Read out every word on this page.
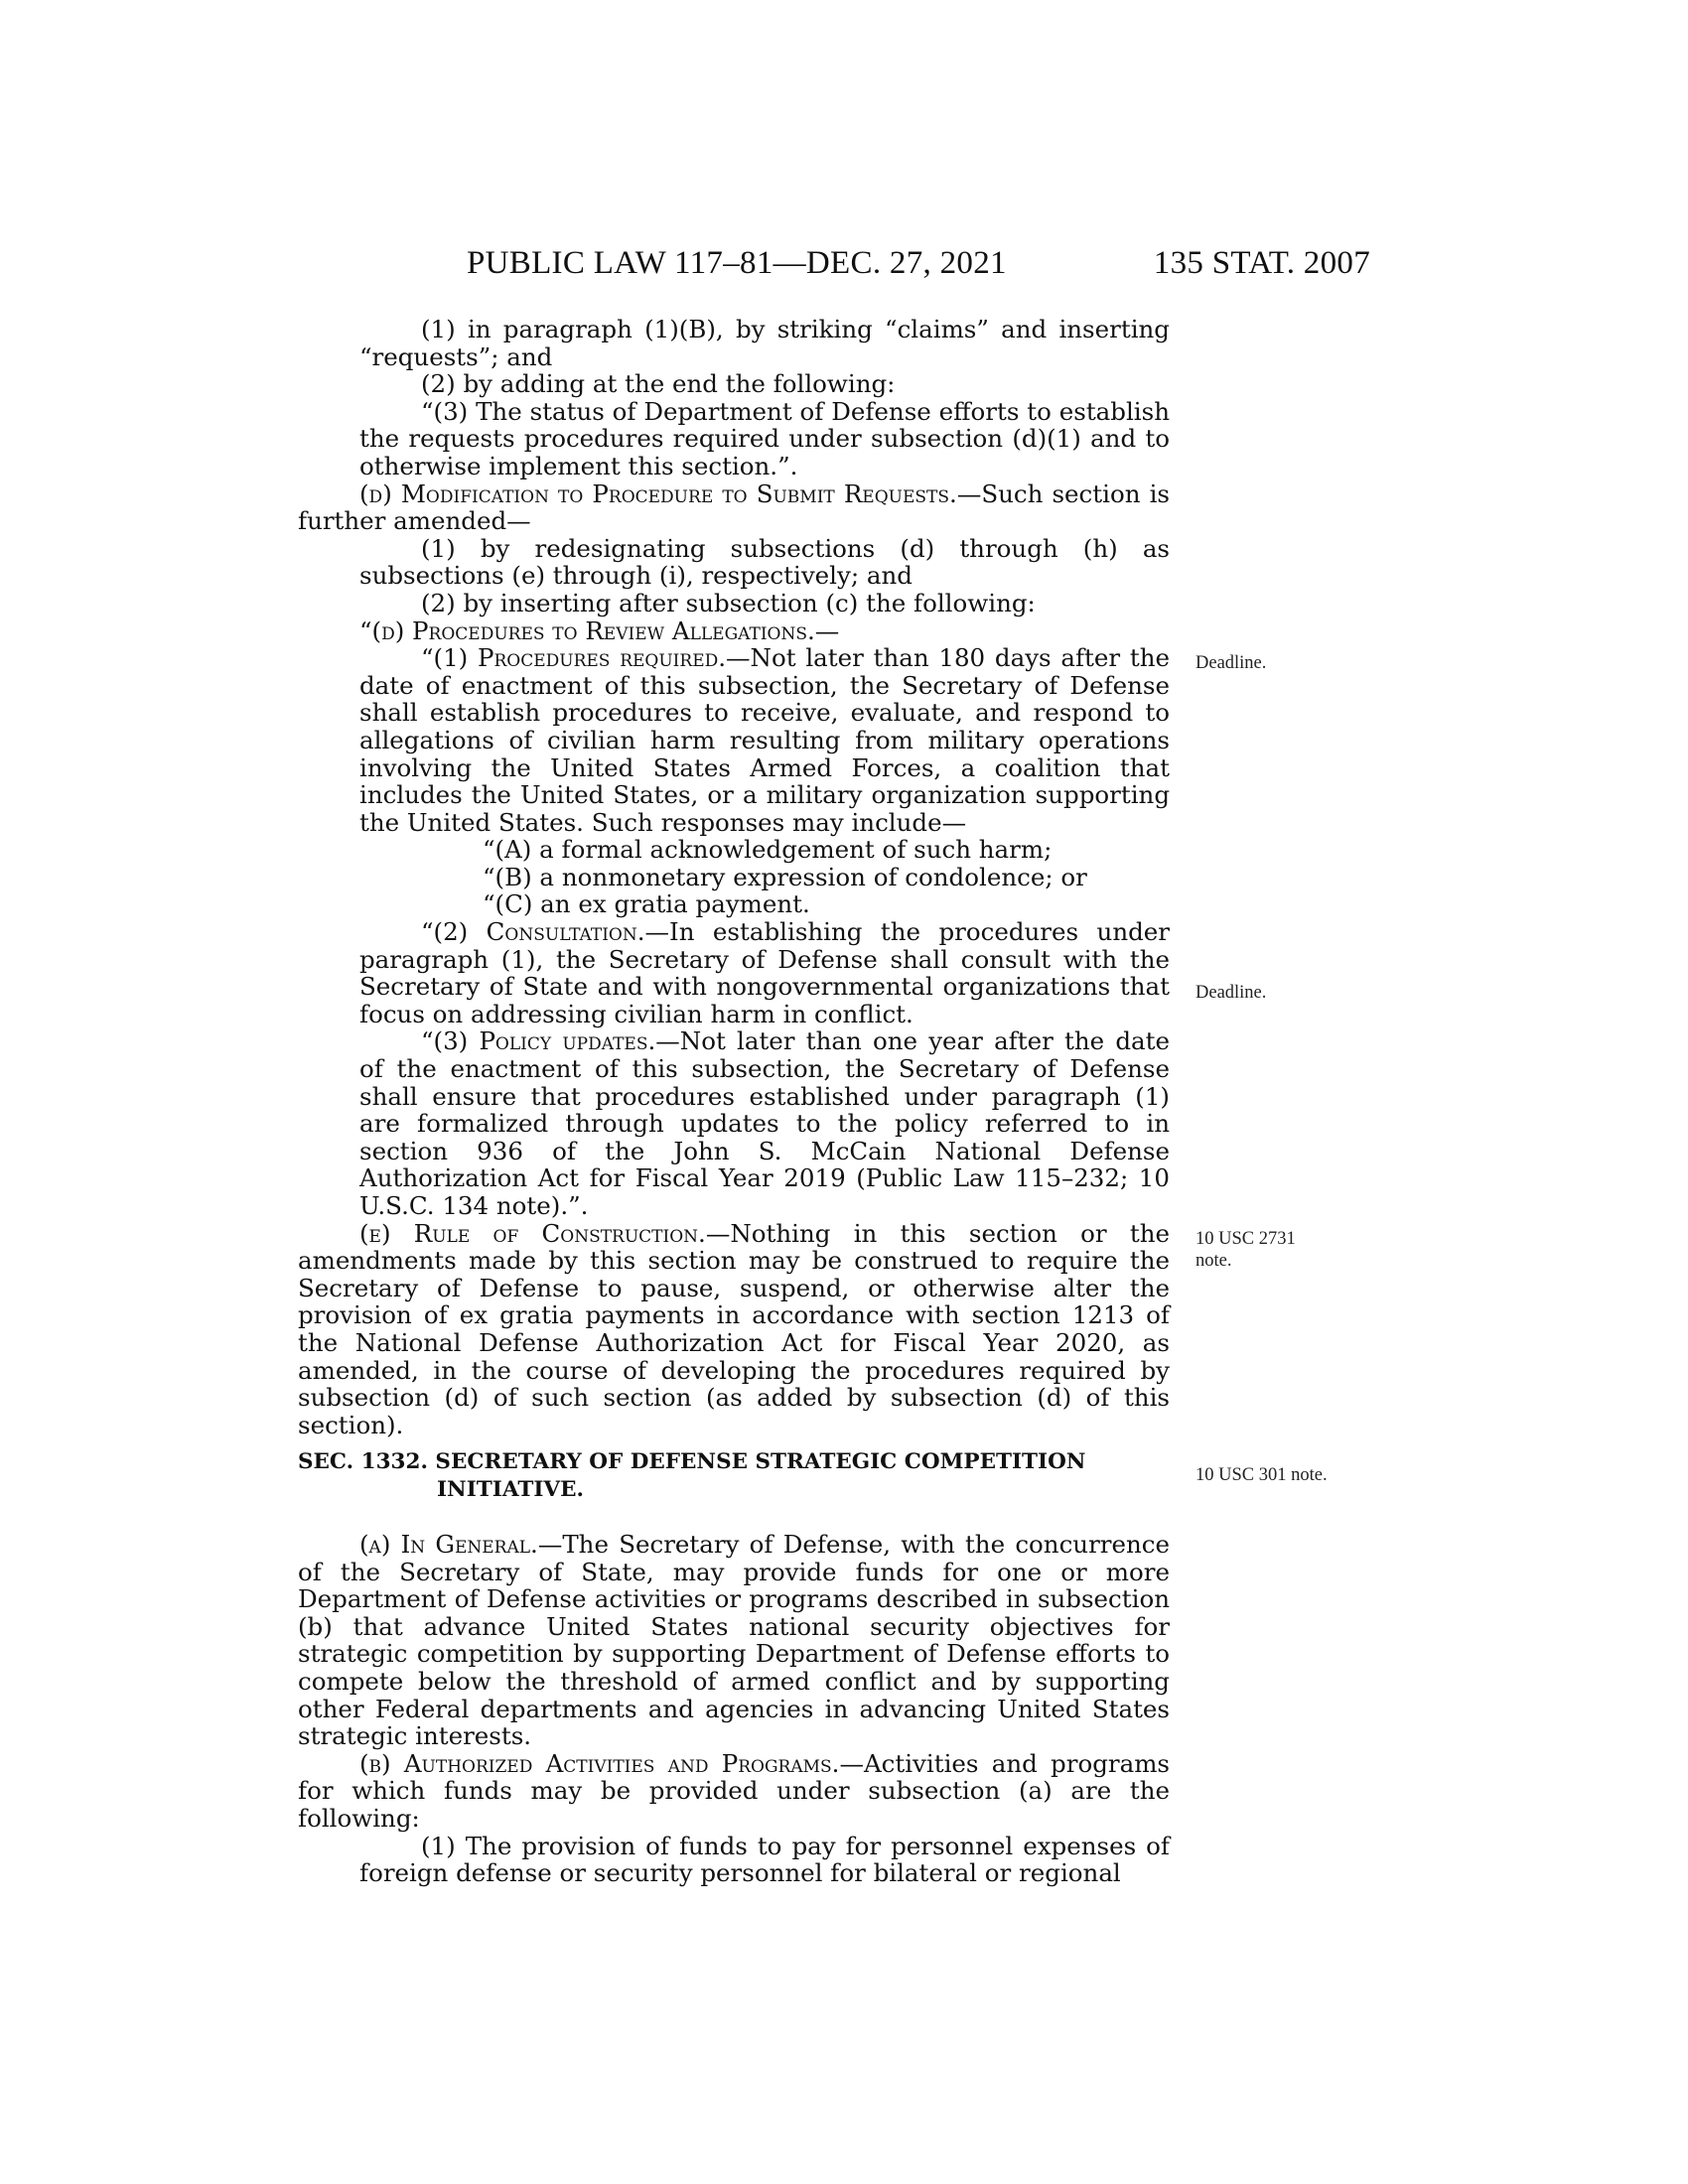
PUBLIC LAW 117–81—DEC. 27, 2021	135 STAT. 2007

(1) in paragraph (1)(B), by striking “claims” and inserting “requests”; and

(2) by adding at the end the following:

“(3) The status of Department of Defense efforts to establish the requests procedures required under subsection (d)(1) and to otherwise implement this section.”.

(d) Modification to Procedure to Submit Requests.—Such section is further amended—

(1) by redesignating subsections (d) through (h) as subsections (e) through (i), respectively; and

(2) by inserting after subsection (c) the following:

“(d) Procedures to Review Allegations.—

“(1) Procedures required.—Not later than 180 days after the date of enactment of this subsection, the Secretary of Defense shall establish procedures to receive, evaluate, and respond to allegations of civilian harm resulting from military operations involving the United States Armed Forces, a coalition that includes the United States, or a military organization supporting the United States. Such responses may include—

“(A) a formal acknowledgement of such harm;

“(B) a nonmonetary expression of condolence; or

“(C) an ex gratia payment.

“(2) Consultation.—In establishing the procedures under paragraph (1), the Secretary of Defense shall consult with the Secretary of State and with nongovernmental organizations that focus on addressing civilian harm in conflict.

“(3) Policy updates.—Not later than one year after the date of the enactment of this subsection, the Secretary of Defense shall ensure that procedures established under paragraph (1) are formalized through updates to the policy referred to in section 936 of the John S. McCain National Defense Authorization Act for Fiscal Year 2019 (Public Law 115–232; 10 U.S.C. 134 note).”.

(e) Rule of Construction.—Nothing in this section or the amendments made by this section may be construed to require the Secretary of Defense to pause, suspend, or otherwise alter the provision of ex gratia payments in accordance with section 1213 of the National Defense Authorization Act for Fiscal Year 2020, as amended, in the course of developing the procedures required by subsection (d) of such section (as added by subsection (d) of this section).

SEC. 1332. SECRETARY OF DEFENSE STRATEGIC COMPETITION INITIATIVE.

(a) In General.—The Secretary of Defense, with the concurrence of the Secretary of State, may provide funds for one or more Department of Defense activities or programs described in subsection (b) that advance United States national security objectives for strategic competition by supporting Department of Defense efforts to compete below the threshold of armed conflict and by supporting other Federal departments and agencies in advancing United States strategic interests.

(b) Authorized Activities and Programs.—Activities and programs for which funds may be provided under subsection (a) are the following:

(1) The provision of funds to pay for personnel expenses of foreign defense or security personnel for bilateral or regional

Deadline.
Deadline.
10 USC 2731 note.
10 USC 301 note.
